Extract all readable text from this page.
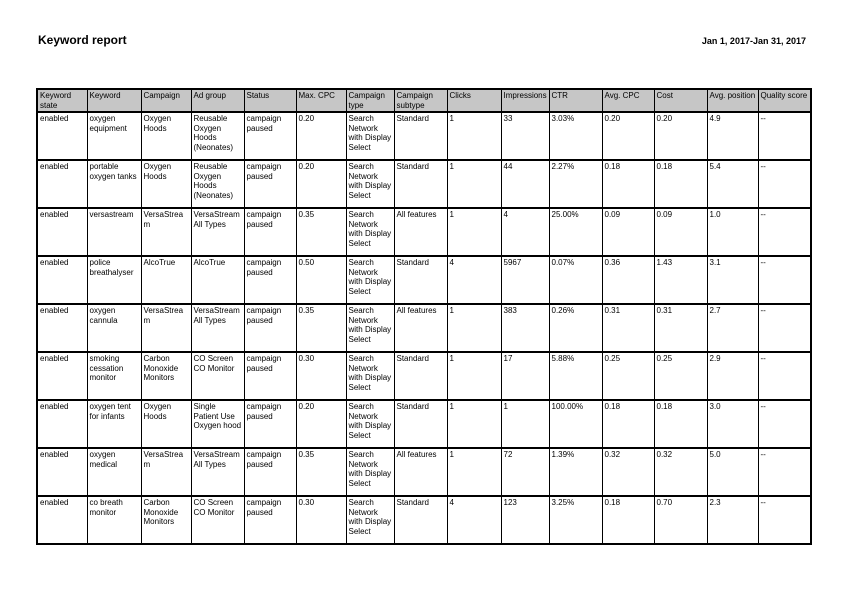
Keyword report	Jan 1, 2017-Jan 31, 2017
Keyword state	Keyword	Campaign	Ad group	Status	Max. CPC	Campaign type	Campaign subtype	Clicks	Impressions	CTR	Avg. CPC	Cost	Avg. position	Quality score
enabled	oxygen equipment	Oxygen Hoods	Reusable Oxygen Hoods (Neonates)	campaign paused	0.20	Search Network with Display Select	Standard	1	33	3.03%	0.20	0.20	4.9	--
enabled	portable oxygen tanks	Oxygen Hoods	Reusable Oxygen Hoods (Neonates)	campaign paused	0.20	Search Network with Display Select	Standard	1	44	2.27%	0.18	0.18	5.4	--
enabled	versastream	VersaStream	VersaStream All Types	campaign paused	0.35	Search Network with Display Select	All features	1	4	25.00%	0.09	0.09	1.0	--
enabled	police breathalyser	AlcoTrue	AlcoTrue	campaign paused	0.50	Search Network with Display Select	Standard	4	5967	0.07%	0.36	1.43	3.1	--
enabled	oxygen cannula	VersaStream	VersaStream All Types	campaign paused	0.35	Search Network with Display Select	All features	1	383	0.26%	0.31	0.31	2.7	--
enabled	smoking cessation monitor	Carbon Monoxide Monitors	CO Screen CO Monitor	campaign paused	0.30	Search Network with Display Select	Standard	1	17	5.88%	0.25	0.25	2.9	--
enabled	oxygen tent for infants	Oxygen Hoods	Single Patient Use Oxygen hood	campaign paused	0.20	Search Network with Display Select	Standard	1	1	100.00%	0.18	0.18	3.0	--
enabled	oxygen medical	VersaStream	VersaStream All Types	campaign paused	0.35	Search Network with Display Select	All features	1	72	1.39%	0.32	0.32	5.0	--
enabled	co breath monitor	Carbon Monoxide Monitors	CO Screen CO Monitor	campaign paused	0.30	Search Network with Display Select	Standard	4	123	3.25%	0.18	0.70	2.3	--
